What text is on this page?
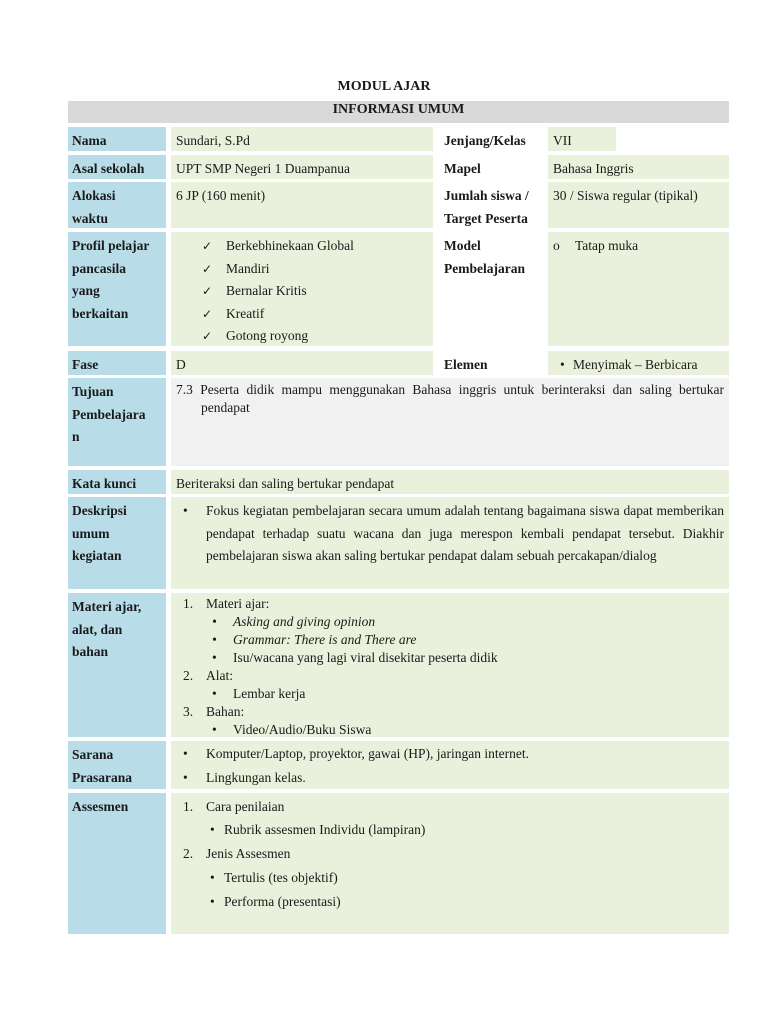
MODUL AJAR
INFORMASI UMUM
Nama	Sundari, S.Pd	Jenjang/Kelas	VII
Asal sekolah	UPT SMP Negeri 1 Duampanua	Mapel	Bahasa Inggris
Alokasi
waktu
6 JP (160 menit)	Jumlah siswa /
Target Peserta
30 / Siswa regular (tipikal)
Profil pelajar
pancasila
yang
berkaitan
✓ Berkebhinekaan Global
✓ Mandiri
✓ Bernalar Kritis
✓ Kreatif
✓ Gotong royong
Model
Pembelajaran
o Tatap muka
Fase	D	Elemen
•	Menyimak – Berbicara
Tujuan
Pembelajara
n
7.3 Peserta didik mampu menggunakan Bahasa inggris untuk berinteraksi dan saling bertukar pendapat
Kata kunci	Beriteraksi dan saling bertukar pendapat
Deskripsi
umum
kegiatan
• Fokus kegiatan pembelajaran secara umum adalah tentang bagaimana siswa dapat memberikan pendapat terhadap suatu wacana dan juga merespon kembali pendapat tersebut. Diakhir pembelajaran siswa akan saling bertukar pendapat dalam sebuah percakapan/dialog
Materi ajar,
alat, dan
bahan
1. Materi ajar:
• Asking and giving opinion
• Grammar: There is and There are
• Isu/wacana yang lagi viral disekitar peserta didik
2. Alat:
• Lembar kerja
3. Bahan:
• Video/Audio/Buku Siswa
Sarana
Prasarana
• Komputer/Laptop, proyektor, gawai (HP), jaringan internet.
• Lingkungan kelas.
Assesmen	1. Cara penilaian
• Rubrik assesmen Individu (lampiran)
2. Jenis Assesmen
• Tertulis (tes objektif)
• Performa (presentasi)
